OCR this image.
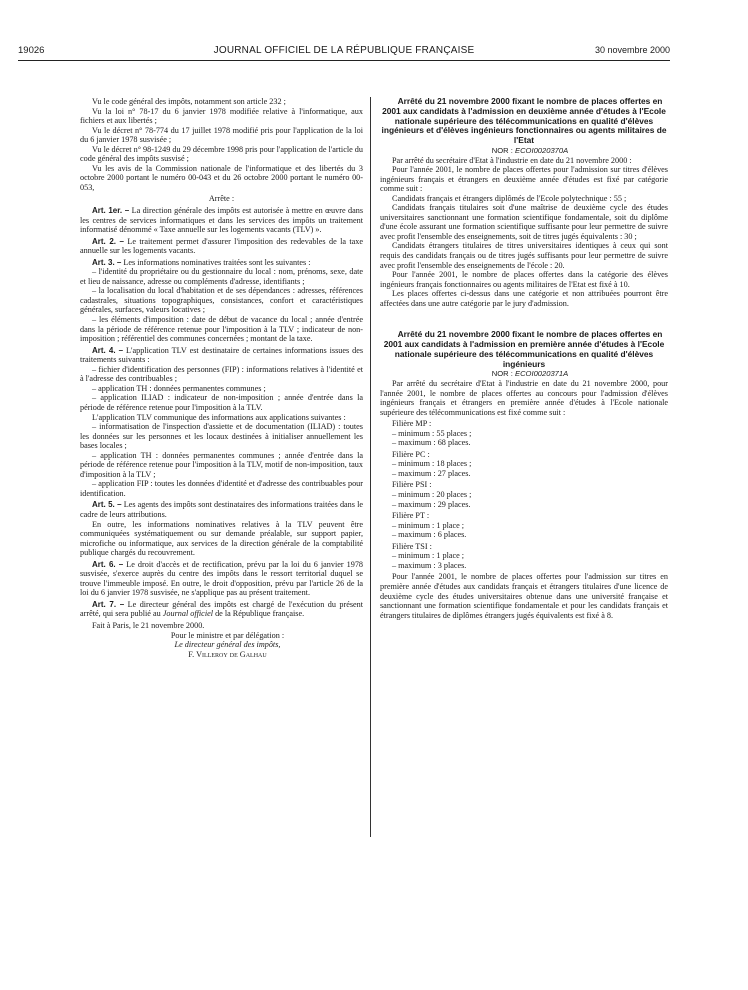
19026	JOURNAL OFFICIEL DE LA RÉPUBLIQUE FRANÇAISE	30 novembre 2000

Vu le code général des impôts, notamment son article 232 ;

Vu la loi n° 78-17 du 6 janvier 1978 modifiée relative à l'informatique, aux fichiers et aux libertés ;

Vu le décret n° 78-774 du 17 juillet 1978 modifié pris pour l'application de la loi du 6 janvier 1978 susvisée ;

Vu le décret n° 98-1249 du 29 décembre 1998 pris pour l'application de l'article du code général des impôts susvisé ;

Vu les avis de la Commission nationale de l'informatique et des libertés du 3 octobre 2000 portant le numéro 00-043 et du 26 octobre 2000 portant le numéro 00-053,

Arrête :

Art. 1er. – La direction générale des impôts est autorisée à mettre en œuvre dans les centres de services informatiques et dans les services des impôts un traitement informatisé dénommé « Taxe annuelle sur les logements vacants (TLV) ».

Art. 2. – Le traitement permet d'assurer l'imposition des redevables de la taxe annuelle sur les logements vacants.

Art. 3. – Les informations nominatives traitées sont les suivantes :

– l'identité du propriétaire ou du gestionnaire du local : nom, prénoms, sexe, date et lieu de naissance, adresse ou compléments d'adresse, identifiants ;

– la localisation du local d'habitation et de ses dépendances : adresses, références cadastrales, situations topographiques, consistances, confort et caractéristiques générales, surfaces, valeurs locatives ;

– les éléments d'imposition : date de début de vacance du local ; année d'entrée dans la période de référence retenue pour l'imposition à la TLV ; indicateur de non-imposition ; référentiel des communes concernées ; montant de la taxe.

Art. 4. – L'application TLV est destinataire de certaines informations issues des traitements suivants :

– fichier d'identification des personnes (FIP) : informations relatives à l'identité et à l'adresse des contribuables ;

– application TH : données permanentes communes ;

– application ILIAD : indicateur de non-imposition ; année d'entrée dans la période de référence retenue pour l'imposition à la TLV.

L'application TLV communique des informations aux applications suivantes :

– informatisation de l'inspection d'assiette et de documentation (ILIAD) : toutes les données sur les personnes et les locaux destinées à initialiser annuellement les bases locales ;

– application TH : données permanentes communes ; année d'entrée dans la période de référence retenue pour l'imposition à la TLV, motif de non-imposition, taux d'imposition à la TLV ;

– application FIP : toutes les données d'identité et d'adresse des contribuables pour identification.

Art. 5. – Les agents des impôts sont destinataires des informations traitées dans le cadre de leurs attributions.

En outre, les informations nominatives relatives à la TLV peuvent être communiquées systématiquement ou sur demande préalable, sur support papier, microfiche ou informatique, aux services de la direction générale de la comptabilité publique chargés du recouvrement.

Art. 6. – Le droit d'accès et de rectification, prévu par la loi du 6 janvier 1978 susvisée, s'exerce auprès du centre des impôts dans le ressort territorial duquel se trouve l'immeuble imposé. En outre, le droit d'opposition, prévu par l'article 26 de la loi du 6 janvier 1978 susvisée, ne s'applique pas au présent traitement.

Art. 7. – Le directeur général des impôts est chargé de l'exécution du présent arrêté, qui sera publié au Journal officiel de la République française.

Fait à Paris, le 21 novembre 2000.

Pour le ministre et par délégation :

Le directeur général des impôts,

F. Villeroy de Galhau

Arrêté du 21 novembre 2000 fixant le nombre de places offertes en 2001 aux candidats à l'admission en deuxième année d'études à l'Ecole nationale supérieure des télécommunications en qualité d'élèves ingénieurs et d'élèves ingénieurs fonctionnaires ou agents militaires de l'Etat

NOR : ECOI0020370A

Par arrêté du secrétaire d'Etat à l'industrie en date du 21 novembre 2000 :

Pour l'année 2001, le nombre de places offertes pour l'admission sur titres d'élèves ingénieurs français et étrangers en deuxième année d'études est fixé par catégorie comme suit :

Candidats français et étrangers diplômés de l'Ecole polytechnique : 55 ;

Candidats français titulaires soit d'une maîtrise de deuxième cycle des études universitaires sanctionnant une formation scientifique fondamentale, soit du diplôme d'une école assurant une formation scientifique suffisante pour leur permettre de suivre avec profit l'ensemble des enseignements, soit de titres jugés équivalents : 30 ;

Candidats étrangers titulaires de titres universitaires identiques à ceux qui sont requis des candidats français ou de titres jugés suffisants pour leur permettre de suivre avec profit l'ensemble des enseignements de l'école : 20.

Pour l'année 2001, le nombre de places offertes dans la catégorie des élèves ingénieurs français fonctionnaires ou agents militaires de l'Etat est fixé à 10.

Les places offertes ci-dessus dans une catégorie et non attribuées pourront être affectées dans une autre catégorie par le jury d'admission.

Arrêté du 21 novembre 2000 fixant le nombre de places offertes en 2001 aux candidats à l'admission en première année d'études à l'Ecole nationale supérieure des télécommunications en qualité d'élèves ingénieurs

NOR : ECOI0020371A

Par arrêté du secrétaire d'Etat à l'industrie en date du 21 novembre 2000, pour l'année 2001, le nombre de places offertes au concours pour l'admission d'élèves ingénieurs français et étrangers en première année d'études à l'Ecole nationale supérieure des télécommunications est fixé comme suit :

Filière MP :

– minimum : 55 places ;

– maximum : 68 places.

Filière PC :

– minimum : 18 places ;

– maximum : 27 places.

Filière PSI :

– minimum : 20 places ;

– maximum : 29 places.

Filière PT :

– minimum : 1 place ;

– maximum : 6 places.

Filière TSI :

– minimum : 1 place ;

– maximum : 3 places.

Pour l'année 2001, le nombre de places offertes pour l'admission sur titres en première année d'études aux candidats français et étrangers titulaires d'une licence de deuxième cycle des études universitaires obtenue dans une université française et sanctionnant une formation scientifique fondamentale et pour les candidats français et étrangers titulaires de diplômes étrangers jugés équivalents est fixé à 8.
